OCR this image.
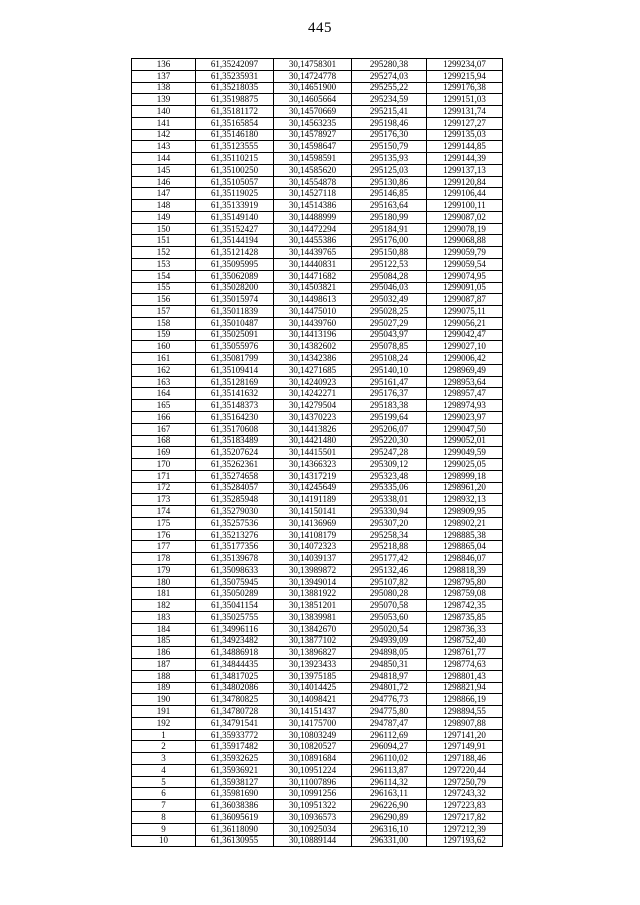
445
136	61,35242097	30,14758301	295280,38	1299234,07
137	61,35235931	30,14724778	295274,03	1299215,94
138	61,35218035	30,14651900	295255,22	1299176,38
139	61,35198875	30,14605664	295234,59	1299151,03
140	61,35181172	30,14570669	295215,41	1299131,74
141	61,35165854	30,14563235	295198,46	1299127,27
142	61,35146180	30,14578927	295176,30	1299135,03
143	61,35123555	30,14598647	295150,79	1299144,85
144	61,35110215	30,14598591	295135,93	1299144,39
145	61,35100250	30,14585620	295125,03	1299137,13
146	61,35105057	30,14554878	295130,86	1299120,84
147	61,35119025	30,14527118	295146,85	1299106,44
148	61,35133919	30,14514386	295163,64	1299100,11
149	61,35149140	30,14488999	295180,99	1299087,02
150	61,35152427	30,14472294	295184,91	1299078,19
151	61,35144194	30,14455386	295176,00	1299068,88
152	61,35121428	30,14439765	295150,88	1299059,79
153	61,35095995	30,14440831	295122,53	1299059,54
154	61,35062089	30,14471682	295084,28	1299074,95
155	61,35028200	30,14503821	295046,03	1299091,05
156	61,35015974	30,14498613	295032,49	1299087,87
157	61,35011839	30,14475010	295028,25	1299075,11
158	61,35010487	30,14439760	295027,29	1299056,21
159	61,35025091	30,14413196	295043,97	1299042,47
160	61,35055976	30,14382602	295078,85	1299027,10
161	61,35081799	30,14342386	295108,24	1299006,42
162	61,35109414	30,14271685	295140,10	1298969,49
163	61,35128169	30,14240923	295161,47	1298953,64
164	61,35141632	30,14242271	295176,37	1298957,47
165	61,35148373	30,14279504	295183,38	1298974,93
166	61,35164230	30,14370223	295199,64	1299023,97
167	61,35170608	30,14413826	295206,07	1299047,50
168	61,35183489	30,14421480	295220,30	1299052,01
169	61,35207624	30,14415501	295247,28	1299049,59
170	61,35262361	30,14366323	295309,12	1299025,05
171	61,35274658	30,14317219	295323,48	1298999,18
172	61,35284057	30,14245649	295335,06	1298961,20
173	61,35285948	30,14191189	295338,01	1298932,13
174	61,35279030	30,14150141	295330,94	1298909,95
175	61,35257536	30,14136969	295307,20	1298902,21
176	61,35213276	30,14108179	295258,34	1298885,38
177	61,35177356	30,14072323	295218,88	1298865,04
178	61,35139678	30,14039137	295177,42	1298846,07
179	61,35098633	30,13989872	295132,46	1298818,39
180	61,35075945	30,13949014	295107,82	1298795,80
181	61,35050289	30,13881922	295080,28	1298759,08
182	61,35041154	30,13851201	295070,58	1298742,35
183	61,35025755	30,13839981	295053,60	1298735,85
184	61,34996116	30,13842670	295020,54	1298736,33
185	61,34923482	30,13877102	294939,09	1298752,40
186	61,34886918	30,13896827	294898,05	1298761,77
187	61,34844435	30,13923433	294850,31	1298774,63
188	61,34817025	30,13975185	294818,97	1298801,43
189	61,34802086	30,14014425	294801,72	1298821,94
190	61,34780825	30,14098421	294776,73	1298866,19
191	61,34780728	30,14151437	294775,80	1298894,55
192	61,34791541	30,14175700	294787,47	1298907,88
1	61,35933772	30,10803249	296112,69	1297141,20
2	61,35917482	30,10820527	296094,27	1297149,91
3	61,35932625	30,10891684	296110,02	1297188,46
4	61,35936921	30,10951224	296113,87	1297220,44
5	61,35938127	30,11007896	296114,32	1297250,79
6	61,35981690	30,10991256	296163,11	1297243,32
7	61,36038386	30,10951322	296226,90	1297223,83
8	61,36095619	30,10936573	296290,89	1297217,82
9	61,36118090	30,10925034	296316,10	1297212,39
10	61,36130955	30,10889144	296331,00	1297193,62
